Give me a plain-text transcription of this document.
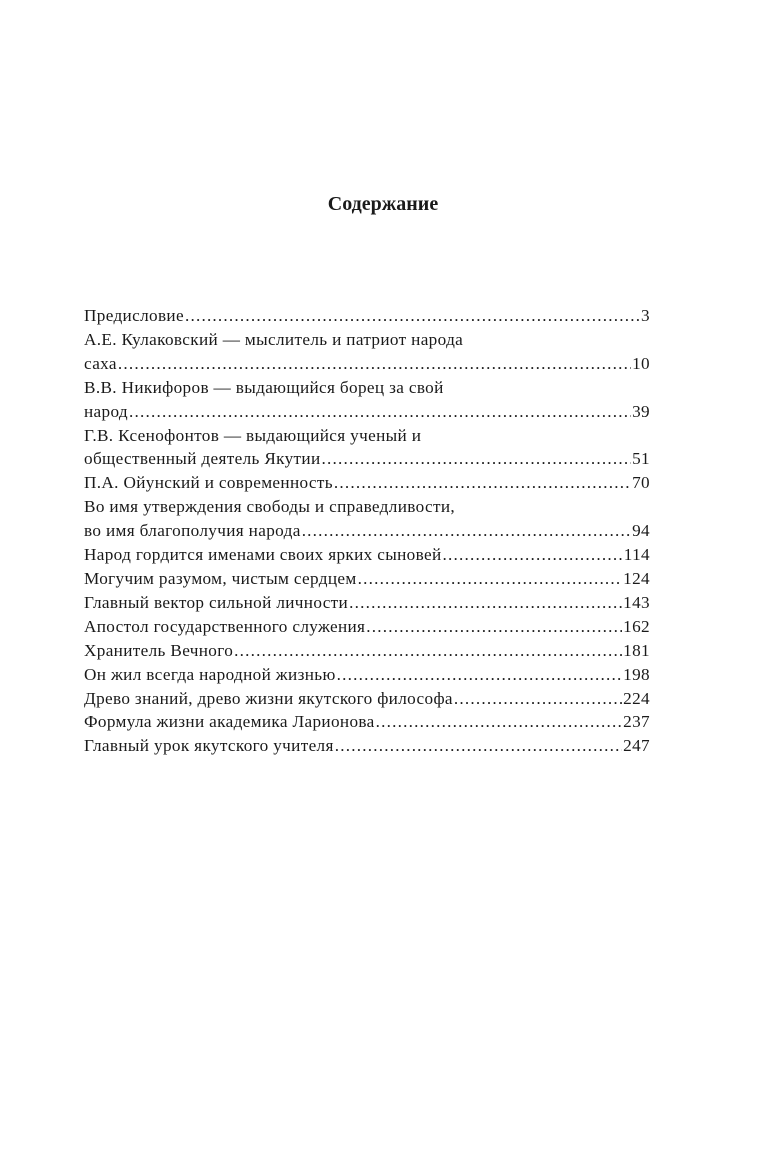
Содержание
Предисловие .....	3
А.Е. Кулаковский — мыслитель и патриот народа
саха .....	10
В.В. Никифоров — выдающийся борец за свой
народ .....	39
Г.В. Ксенофонтов — выдающийся ученый и
общественный деятель Якутии .....	51
П.А. Ойунский и современность .....	70
Во имя утверждения свободы и справедливости,
во имя благополучия народа .....	94
Народ гордится именами своих ярких сыновей .....	114
Могучим разумом, чистым сердцем .....	124
Главный вектор сильной личности .....	143
Апостол государственного служения .....	162
Хранитель Вечного .....	181
Он жил всегда народной жизнью .....	198
Древо знаний, древо жизни якутского философа .....	224
Формула жизни академика Ларионова .....	237
Главный урок якутского учителя .....	247
